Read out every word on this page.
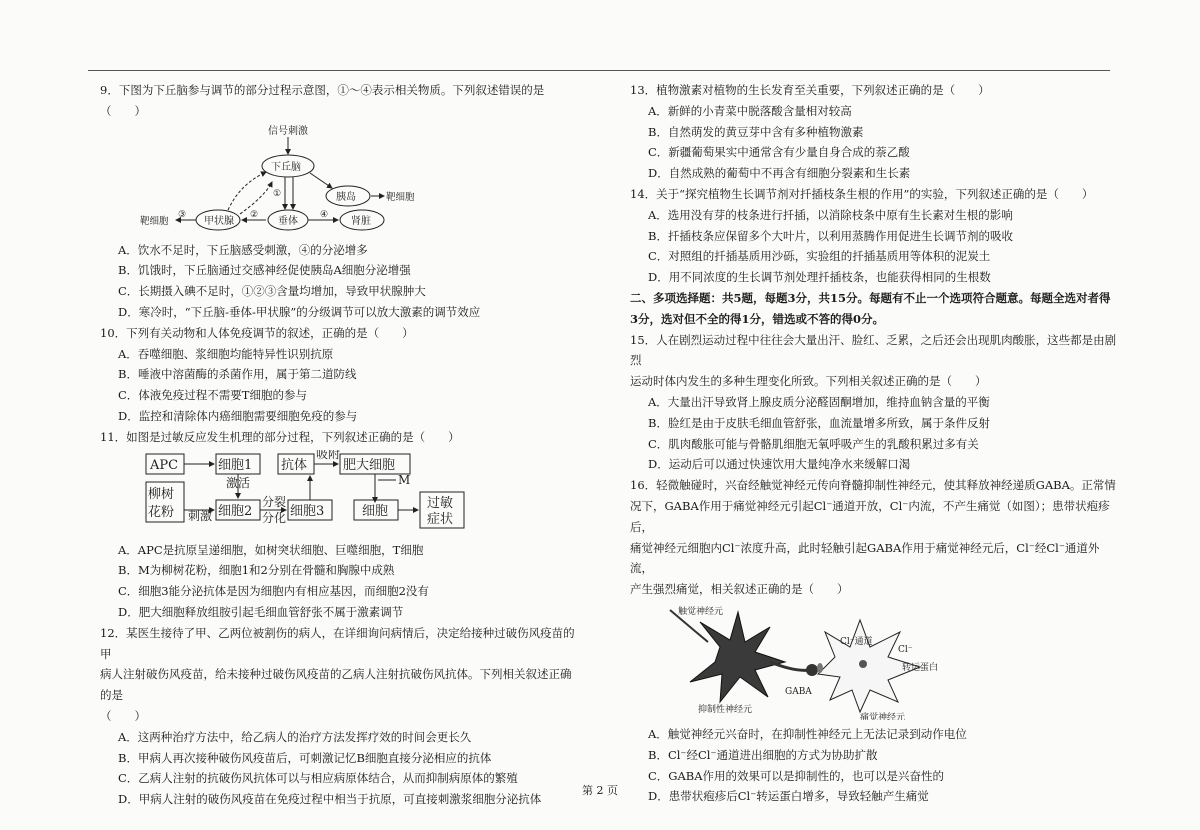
9．下图为下丘脑参与调节的部分过程示意图，①～④表示相关物质。下列叙述错误的是（　　）

信号刺激
下丘脑
胰岛	靶细胞
甲状腺	垂体	肾脏
靶细胞
①
②
③	④

A．饮水不足时，下丘脑感受刺激，④的分泌增多

B．饥饿时，下丘脑通过交感神经促使胰岛A细胞分泌增强

C．长期摄入碘不足时，①②③含量均增加，导致甲状腺肿大

D．寒冷时，“下丘脑-垂体-甲状腺”的分级调节可以放大激素的调节效应

10．下列有关动物和人体免疫调节的叙述，正确的是（　　）

A．吞噬细胞、浆细胞均能特异性识别抗原

B．唾液中溶菌酶的杀菌作用，属于第二道防线

C．体液免疫过程不需要T细胞的参与

D．监控和清除体内癌细胞需要细胞免疫的参与

11．如图是过敏反应发生机理的部分过程，下列叙述正确的是（　　）

APC	细胞1
激活
抗体
吸附
肥大细胞
M
柳树
花粉 刺激 细胞2
分裂
分化 细胞3	细胞
过敏
症状

A．APC是抗原呈递细胞，如树突状细胞、巨噬细胞，T细胞

B．M为柳树花粉，细胞1和2分别在骨髓和胸腺中成熟

C．细胞3能分泌抗体是因为细胞内有相应基因，而细胞2没有

D．肥大细胞释放组胺引起毛细血管舒张不属于激素调节

12．某医生接待了甲、乙两位被割伤的病人，在详细询问病情后，决定给接种过破伤风疫苗的甲

病人注射破伤风疫苗，给未接种过破伤风疫苗的乙病人注射抗破伤风抗体。下列相关叙述正确的是

（　　）

A．这两种治疗方法中，给乙病人的治疗方法发挥疗效的时间会更长久

B．甲病人再次接种破伤风疫苗后，可刺激记忆B细胞直接分泌相应的抗体

C．乙病人注射的抗破伤风抗体可以与相应病原体结合，从而抑制病原体的繁殖

D．甲病人注射的破伤风疫苗在免疫过程中相当于抗原，可直接刺激浆细胞分泌抗体

13．植物激素对植物的生长发育至关重要，下列叙述正确的是（　　）

A．新鲜的小青菜中脱落酸含量相对较高

B．自然萌发的黄豆芽中含有多种植物激素

C．新疆葡萄果实中通常含有少量自身合成的萘乙酸

D．自然成熟的葡萄中不再含有细胞分裂素和生长素

14．关于“探究植物生长调节剂对扦插枝条生根的作用”的实验，下列叙述正确的是（　　）

A．选用没有芽的枝条进行扦插，以消除枝条中原有生长素对生根的影响

B．扦插枝条应保留多个大叶片，以利用蒸腾作用促进生长调节剂的吸收

C．对照组的扦插基质用沙砾，实验组的扦插基质用等体积的泥炭土

D．用不同浓度的生长调节剂处理扦插枝条，也能获得相同的生根数

二、多项选择题：共5题，每题3分，共15分。每题有不止一个选项符合题意。每题全选对者得

3分，选对但不全的得1分，错选或不答的得0分。

15．人在剧烈运动过程中往往会大量出汗、脸红、乏累，之后还会出现肌肉酸胀，这些都是由剧烈

运动时体内发生的多种生理变化所致。下列相关叙述正确的是（　　）

A．大量出汗导致肾上腺皮质分泌醛固酮增加，维持血钠含量的平衡

B．脸红是由于皮肤毛细血管舒张，血流量增多所致，属于条件反射

C．肌肉酸胀可能与骨骼肌细胞无氧呼吸产生的乳酸积累过多有关

D．运动后可以通过快速饮用大量纯净水来缓解口渴

16．轻微触碰时，兴奋经触觉神经元传向脊髓抑制性神经元，使其释放神经递质GABA。正常情

况下，GABA作用于痛觉神经元引起Cl⁻通道开放，Cl⁻内流，不产生痛觉（如图）；患带状疱疹后，

痛觉神经元细胞内Cl⁻浓度升高，此时轻触引起GABA作用于痛觉神经元后，Cl⁻经Cl⁻通道外流，

产生强烈痛觉，相关叙述正确的是（　　）

触觉神经元
Cl⁻通道
Cl⁻
转运蛋白
GABA
抑制性神经元
痛觉神经元

A．触觉神经元兴奋时，在抑制性神经元上无法记录到动作电位

B．Cl⁻经Cl⁻通道进出细胞的方式为协助扩散

C．GABA作用的效果可以是抑制性的，也可以是兴奋性的

D．患带状疱疹后Cl⁻转运蛋白增多，导致轻触产生痛觉

第 2 页
